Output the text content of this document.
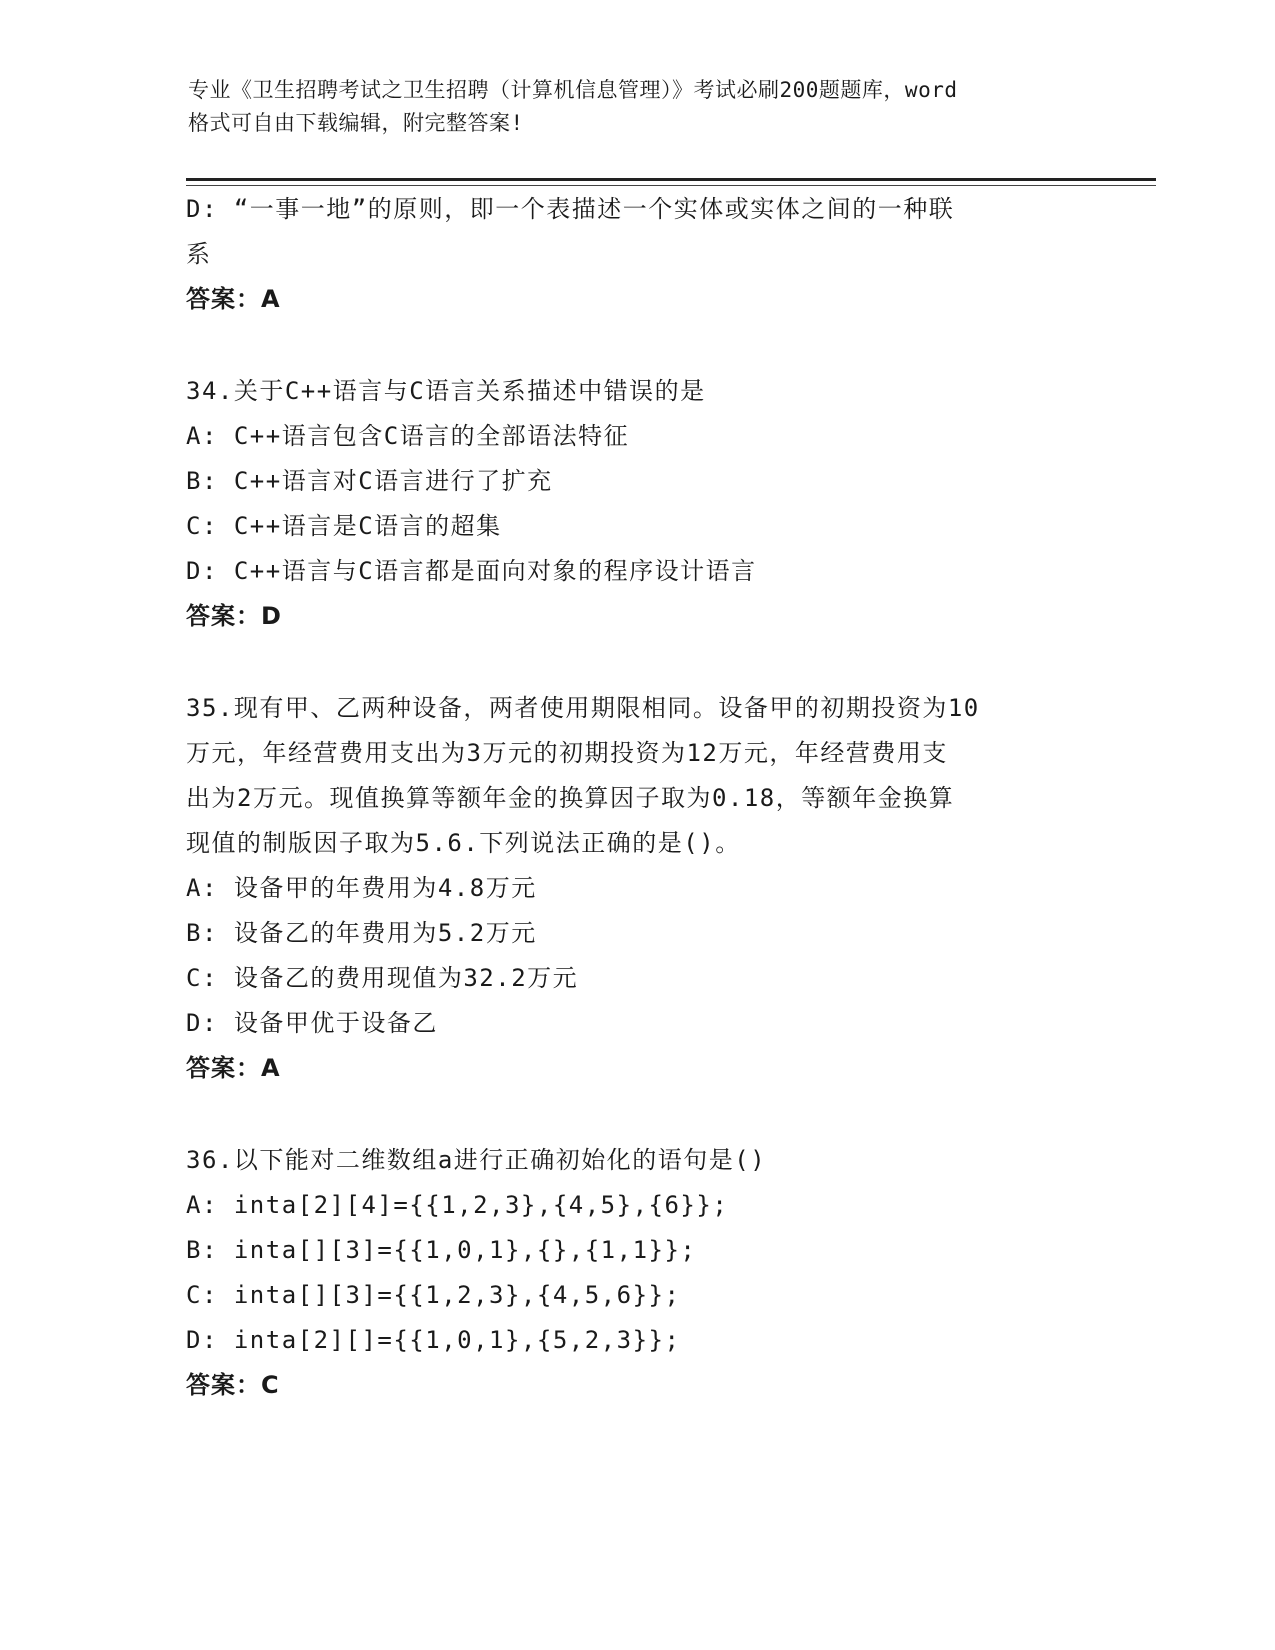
专业《卫生招聘考试之卫生招聘（计算机信息管理）》考试必刷200题题库，word
格式可自由下载编辑，附完整答案!

D: “一事一地”的原则，即一个表描述一个实体或实体之间的一种联

系

答案：A

34.关于C++语言与C语言关系描述中错误的是

A: C++语言包含C语言的全部语法特征

B: C++语言对C语言进行了扩充

C: C++语言是C语言的超集

D: C++语言与C语言都是面向对象的程序设计语言

答案：D

35.现有甲、乙两种设备，两者使用期限相同。设备甲的初期投资为10

万元，年经营费用支出为3万元的初期投资为12万元，年经营费用支

出为2万元。现值换算等额年金的换算因子取为0.18，等额年金换算

现值的制版因子取为5.6.下列说法正确的是()。

A: 设备甲的年费用为4.8万元

B: 设备乙的年费用为5.2万元

C: 设备乙的费用现值为32.2万元

D: 设备甲优于设备乙

答案：A

36.以下能对二维数组a进行正确初始化的语句是()

A: inta[2][4]={{1,2,3},{4,5},{6}};

B: inta[][3]={{1,0,1},{},{1,1}};

C: inta[][3]={{1,2,3},{4,5,6}};

D: inta[2][]={{1,0,1},{5,2,3}};

答案：C
